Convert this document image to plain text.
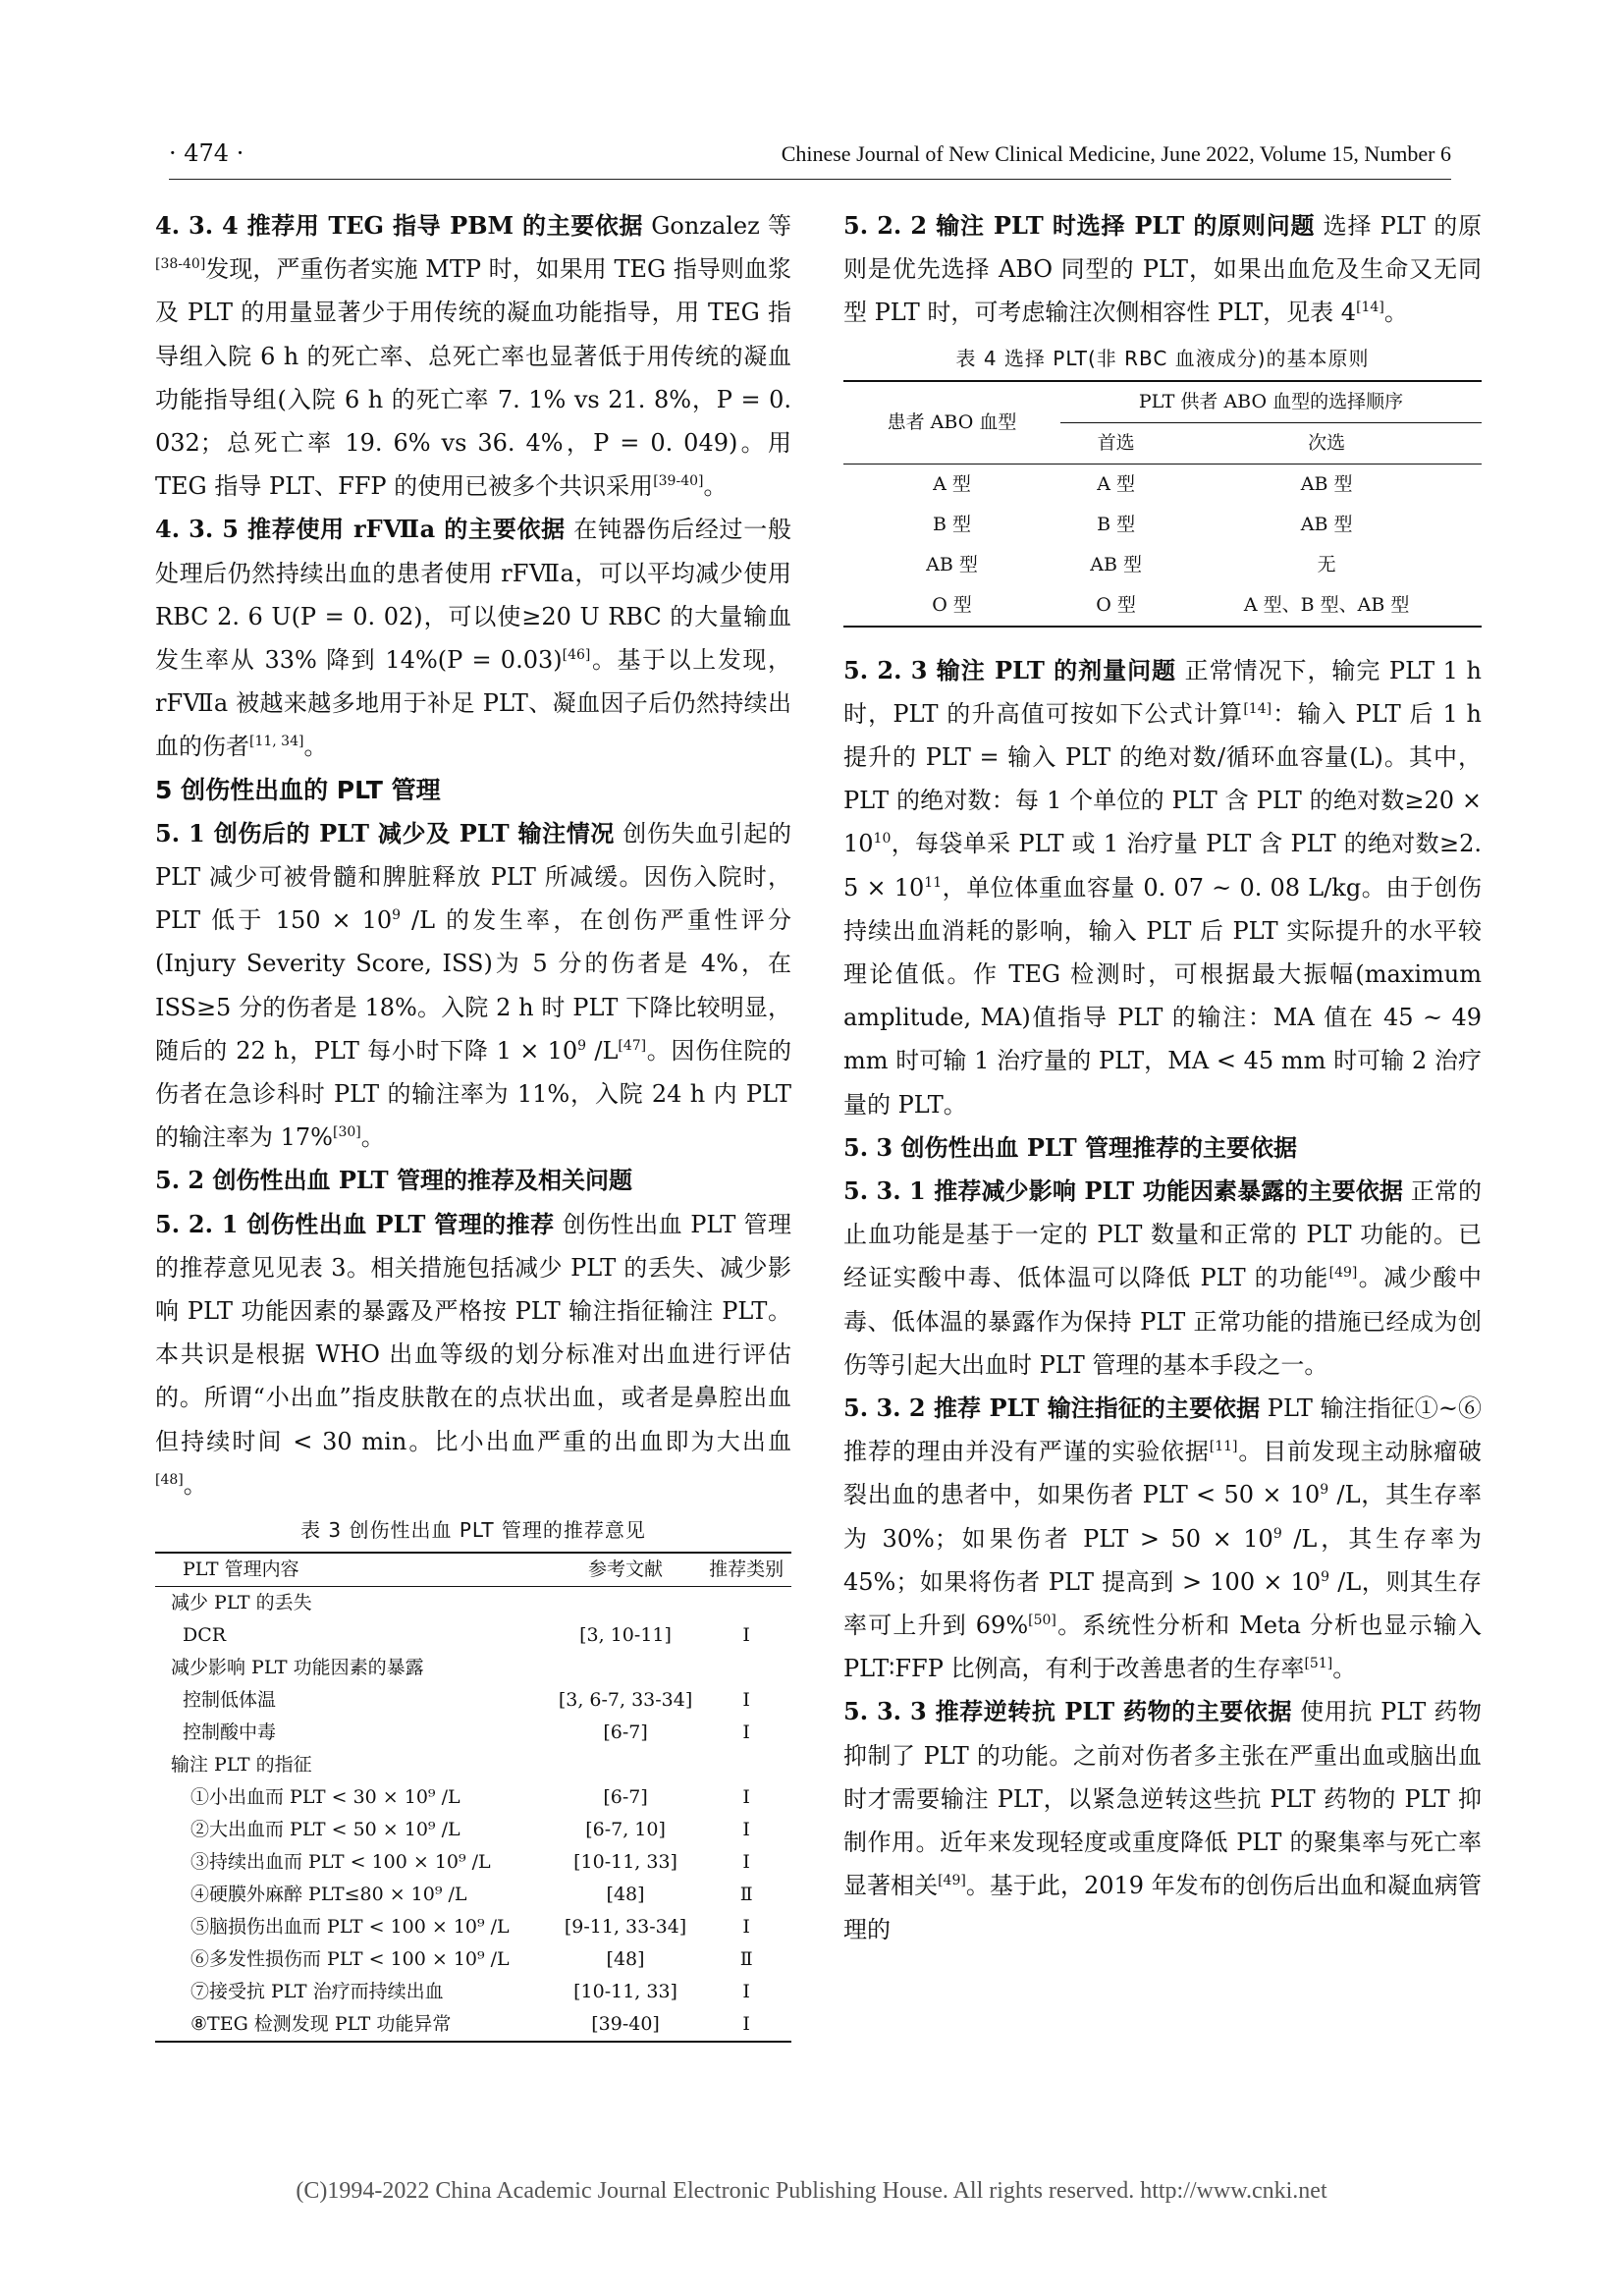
· 474 ·	Chinese Journal of New Clinical Medicine, June 2022, Volume 15, Number 6

4. 3. 4 推荐用 TEG 指导 PBM 的主要依据 Gonzalez 等[38-40]发现，严重伤者实施 MTP 时，如果用 TEG 指导则血浆及 PLT 的用量显著少于用传统的凝血功能指导，用 TEG 指导组入院 6 h 的死亡率、总死亡率也显著低于用传统的凝血功能指导组(入院 6 h 的死亡率 7. 1% vs 21. 8%，P = 0. 032；总死亡率 19. 6% vs 36. 4%，P = 0. 049)。用 TEG 指导 PLT、FFP 的使用已被多个共识采用[39-40]。

4. 3. 5 推荐使用 rFⅦa 的主要依据 在钝器伤后经过一般处理后仍然持续出血的患者使用 rFⅦa，可以平均减少使用 RBC 2. 6 U(P = 0. 02)，可以使≥20 U RBC 的大量输血发生率从 33% 降到 14%(P = 0.03)[46]。基于以上发现，rFⅦa 被越来越多地用于补足 PLT、凝血因子后仍然持续出血的伤者[11, 34]。

5 创伤性出血的 PLT 管理

5. 1 创伤后的 PLT 减少及 PLT 输注情况 创伤失血引起的 PLT 减少可被骨髓和脾脏释放 PLT 所减缓。因伤入院时，PLT 低于 $150 \times 10^9$ /L 的发生率，在创伤严重性评分(Injury Severity Score, ISS)为 5 分的伤者是 4%，在 ISS≥5 分的伤者是 18%。入院 2 h 时 PLT 下降比较明显，随后的 22 h，PLT 每小时下降 $1 \times 10^9$ /L[47]。因伤住院的伤者在急诊科时 PLT 的输注率为 11%，入院 24 h 内 PLT 的输注率为 17%[30]。

5. 2 创伤性出血 PLT 管理的推荐及相关问题

5. 2. 1 创伤性出血 PLT 管理的推荐 创伤性出血 PLT 管理的推荐意见见表 3。相关措施包括减少 PLT 的丢失、减少影响 PLT 功能因素的暴露及严格按 PLT 输注指征输注 PLT。本共识是根据 WHO 出血等级的划分标准对出血进行评估的。所谓“小出血”指皮肤散在的点状出血，或者是鼻腔出血但持续时间 < 30 min。比小出血严重的出血即为大出血[48]。

表 3 创伤性出血 PLT 管理的推荐意见

PLT 管理内容	参考文献	推荐类别
减少 PLT 的丢失		
DCR	[3, 10-11]	Ⅰ
减少影响 PLT 功能因素的暴露		
控制低体温	[3, 6-7, 33-34]	Ⅰ
控制酸中毒	[6-7]	Ⅰ
输注 PLT 的指征		
①小出血而 PLT < 30 × 10⁹ /L	[6-7]	Ⅰ
②大出血而 PLT < 50 × 10⁹ /L	[6-7, 10]	Ⅰ
③持续出血而 PLT < 100 × 10⁹ /L	[10-11, 33]	Ⅰ
④硬膜外麻醉 PLT≤80 × 10⁹ /L	[48]	Ⅱ
⑤脑损伤出血而 PLT < 100 × 10⁹ /L	[9-11, 33-34]	Ⅰ
⑥多发性损伤而 PLT < 100 × 10⁹ /L	[48]	Ⅱ
⑦接受抗 PLT 治疗而持续出血	[10-11, 33]	Ⅰ
⑧TEG 检测发现 PLT 功能异常	[39-40]	Ⅰ

5. 2. 2 输注 PLT 时选择 PLT 的原则问题 选择 PLT 的原则是优先选择 ABO 同型的 PLT，如果出血危及生命又无同型 PLT 时，可考虑输注次侧相容性 PLT，见表 4[14]。

表 4 选择 PLT(非 RBC 血液成分)的基本原则

患者 ABO 血型	PLT 供者 ABO 血型的选择顺序	
	首选	次选
A 型	A 型	AB 型
B 型	B 型	AB 型
AB 型	AB 型	无
O 型	O 型	A 型、B 型、AB 型

5. 2. 3 输注 PLT 的剂量问题 正常情况下，输完 PLT 1 h 时，PLT 的升高值可按如下公式计算[14]：输入 PLT 后 1 h 提升的 PLT = 输入 PLT 的绝对数/循环血容量(L)。其中，PLT 的绝对数：每 1 个单位的 PLT 含 PLT 的绝对数$\ge 20 \times 10^{10}$，每袋单采 PLT 或 1 治疗量 PLT 含 PLT 的绝对数≥2. $5 \times 10^{11}$，单位体重血容量 0. 07 ~ 0. 08 L/kg。由于创伤持续出血消耗的影响，输入 PLT 后 PLT 实际提升的水平较理论值低。作 TEG 检测时，可根据最大振幅(maximum amplitude, MA)值指导 PLT 的输注：MA 值在 45 ~ 49 mm 时可输 1 治疗量的 PLT，MA < 45 mm 时可输 2 治疗量的 PLT。

5. 3 创伤性出血 PLT 管理推荐的主要依据

5. 3. 1 推荐减少影响 PLT 功能因素暴露的主要依据 正常的止血功能是基于一定的 PLT 数量和正常的 PLT 功能的。已经证实酸中毒、低体温可以降低 PLT 的功能[49]。减少酸中毒、低体温的暴露作为保持 PLT 正常功能的措施已经成为创伤等引起大出血时 PLT 管理的基本手段之一。

5. 3. 2 推荐 PLT 输注指征的主要依据 PLT 输注指征①~⑥推荐的理由并没有严谨的实验依据[11]。目前发现主动脉瘤破裂出血的患者中，如果伤者 PLT < $50 \times 10^9$ /L，其生存率为 30%；如果伤者 PLT > $50 \times 10^9$ /L，其生存率为 45%；如果将伤者 PLT 提高到 > $100 \times 10^9$ /L，则其生存率可上升到 69%[50]。系统性分析和 Meta 分析也显示输入 PLT∶FFP 比例高，有利于改善患者的生存率[51]。

5. 3. 3 推荐逆转抗 PLT 药物的主要依据 使用抗 PLT 药物抑制了 PLT 的功能。之前对伤者多主张在严重出血或脑出血时才需要输注 PLT，以紧急逆转这些抗 PLT 药物的 PLT 抑制作用。近年来发现轻度或重度降低 PLT 的聚集率与死亡率显著相关[49]。基于此，2019 年发布的创伤后出血和凝血病管理的

(C)1994-2022 China Academic Journal Electronic Publishing House. All rights reserved. http://www.cnki.net
